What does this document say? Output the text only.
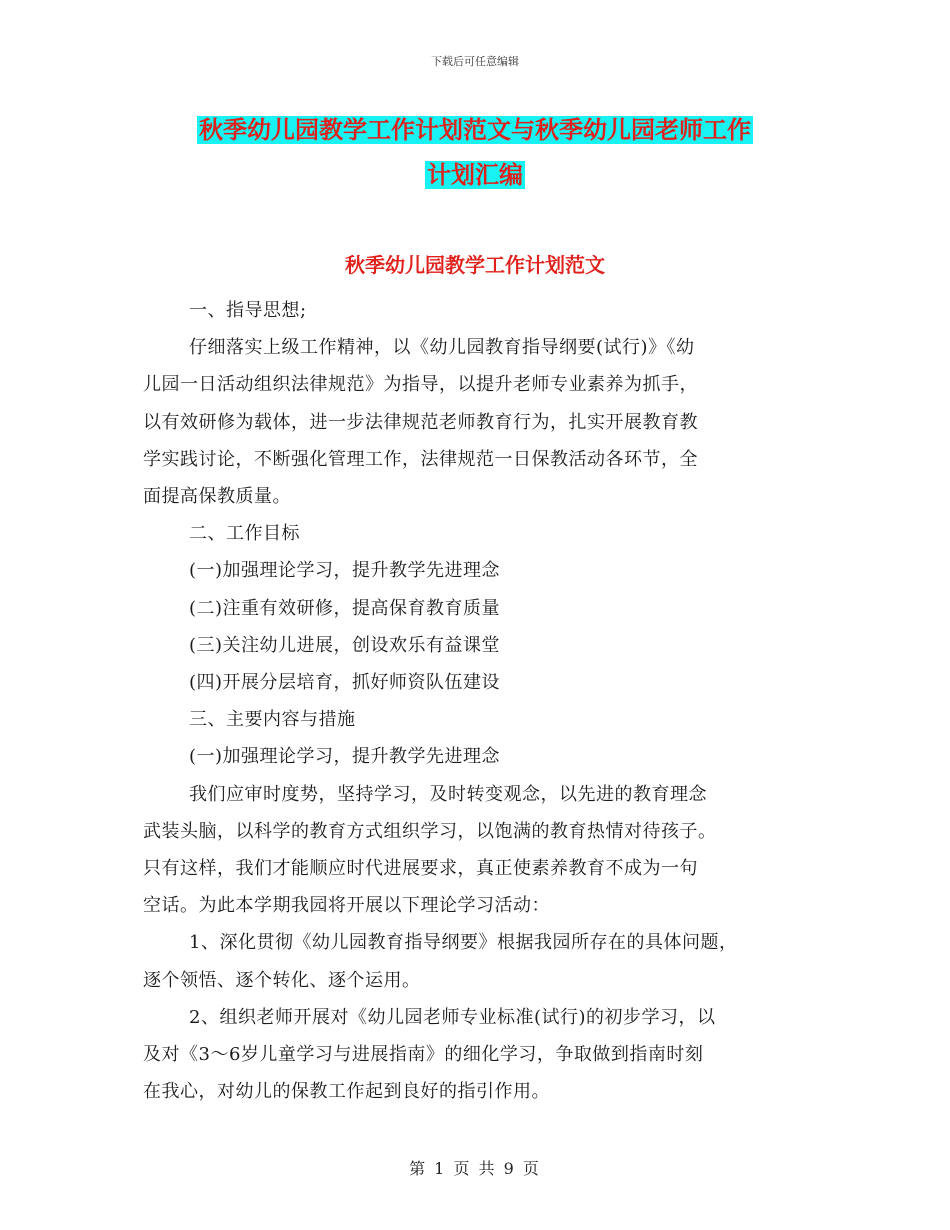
下载后可任意编辑
秋季幼儿园教学工作计划范文与秋季幼儿园老师工作
计划汇编
秋季幼儿园教学工作计划范文

一、指导思想;

仔细落实上级工作精神，以《幼儿园教育指导纲要(试行)》《幼

儿园一日活动组织法律规范》为指导，以提升老师专业素养为抓手，

以有效研修为载体，进一步法律规范老师教育行为，扎实开展教育教

学实践讨论，不断强化管理工作，法律规范一日保教活动各环节，全

面提高保教质量。

二、工作目标

(一)加强理论学习，提升教学先进理念

(二)注重有效研修，提高保育教育质量

(三)关注幼儿进展，创设欢乐有益课堂

(四)开展分层培育，抓好师资队伍建设

三、主要内容与措施

(一)加强理论学习，提升教学先进理念

我们应审时度势，坚持学习，及时转变观念，以先进的教育理念

武装头脑，以科学的教育方式组织学习，以饱满的教育热情对待孩子。

只有这样，我们才能顺应时代进展要求，真正使素养教育不成为一句

空话。为此本学期我园将开展以下理论学习活动：

1、深化贯彻《幼儿园教育指导纲要》根据我园所存在的具体问题，

逐个领悟、逐个转化、逐个运用。

2、组织老师开展对《幼儿园老师专业标准(试行)的初步学习，以

及对《3～6岁儿童学习与进展指南》的细化学习，争取做到指南时刻

在我心，对幼儿的保教工作起到良好的指引作用。

第 1 页 共 9 页
